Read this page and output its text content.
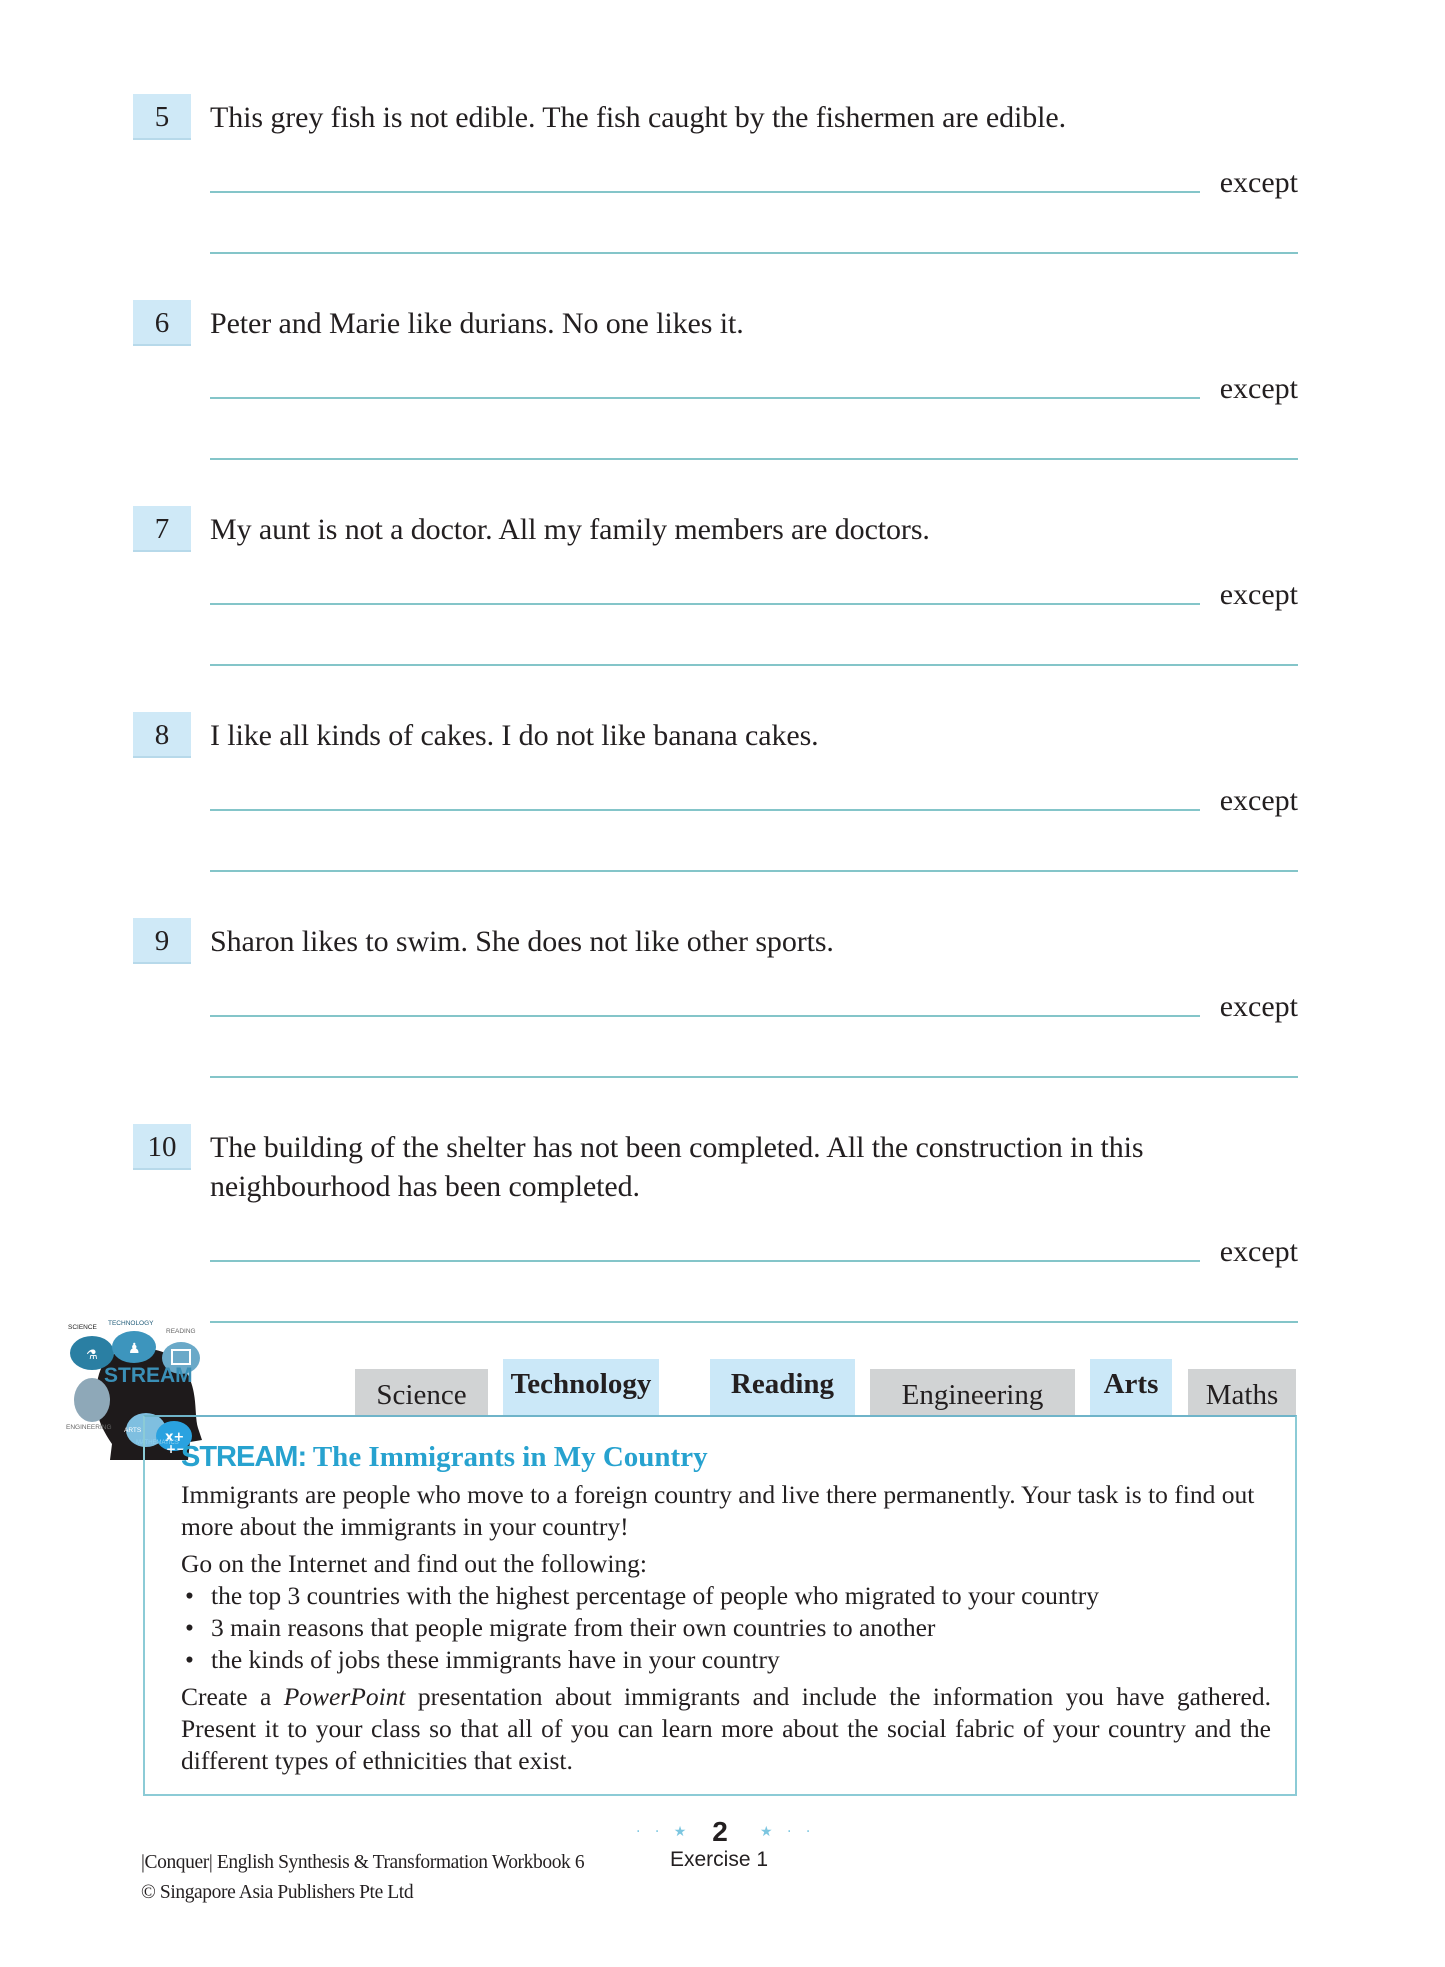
5	This grey fish is not edible. The fish caught by the fishermen are edible.
except
6	Peter and Marie like durians. No one likes it.
except
7	My aunt is not a doctor. All my family members are doctors.
except
8	I like all kinds of cakes. I do not like banana cakes.
except
9	Sharon likes to swim. She does not like other sports.
except
10	The building of the shelter has not been completed. All the construction in this neighbourhood has been completed.
except
⚗ ♟
x+
+−
STREAM
SCIENCE
TECHNOLOGY
READING
ENGINEERING ARTS
MATHEMATICS
Science	Technology	Reading	Engineering	Arts	Maths
STREAM: The Immigrants in My Country

Immigrants are people who move to a foreign country and live there permanently. Your task is to find out more about the immigrants in your country!

Go on the Internet and find out the following:

• the top 3 countries with the highest percentage of people who migrated to your country
• 3 main reasons that people migrate from their own countries to another
• the kinds of jobs these immigrants have in your country

Create a PowerPoint presentation about immigrants and include the information you have gathered. Present it to your class so that all of you can learn more about the social fabric of your country and the different types of ethnicities that exist.

· · ★ 2	★ · ·
Exercise 1
|Conquer| English Synthesis & Transformation Workbook 6
© Singapore Asia Publishers Pte Ltd
